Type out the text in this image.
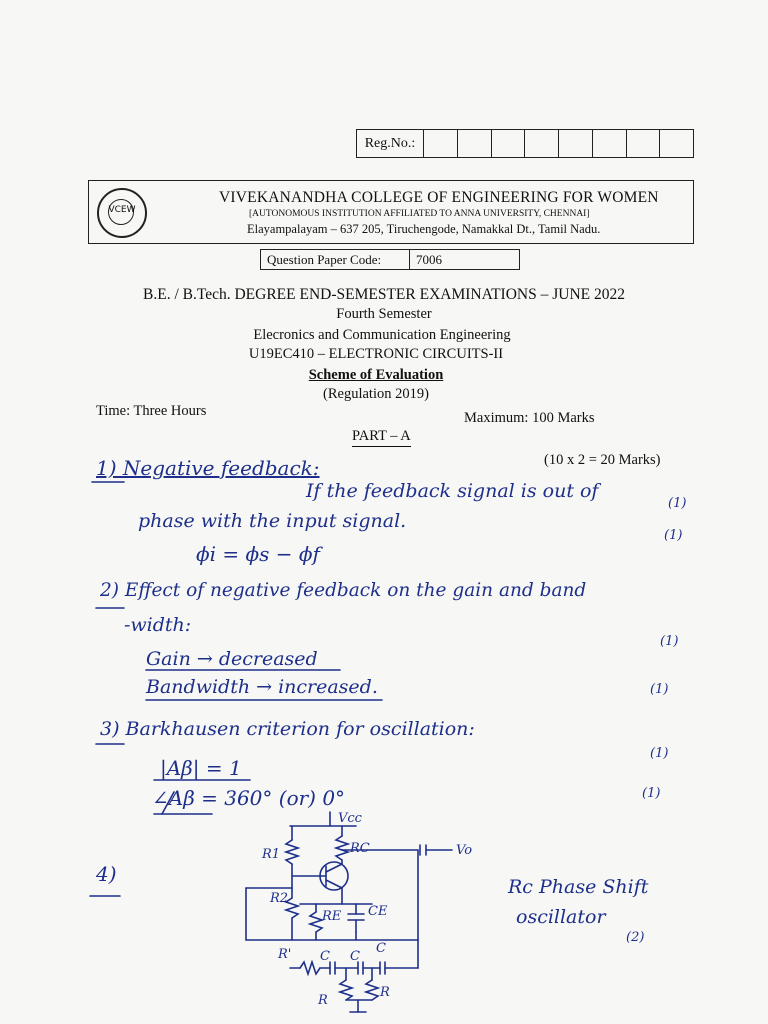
Reg.No.:
VCEW
VIVEKANANDHA COLLEGE OF ENGINEERING FOR WOMEN
[AUTONOMOUS INSTITUTION AFFILIATED TO ANNA UNIVERSITY, CHENNAI]
Elayampalayam – 637 205, Tiruchengode, Namakkal Dt., Tamil Nadu.
Question Paper Code:	7006
B.E. / B.Tech. DEGREE END-SEMESTER EXAMINATIONS – JUNE 2022
Fourth Semester
Elecronics and Communication Engineering
U19EC410 – ELECTRONIC CIRCUITS-II
Scheme of Evaluation
(Regulation 2019)
Time: Three Hours	Maximum: 100 Marks
PART – A
(10 x 2 = 20 Marks)
1) Negative feedback:
If the feedback signal is out of
phase with the input signal.
ϕi = ϕs − ϕf
(1)
(1)
2) Effect of negative feedback on the gain and band
-width:
Gain → decreased
Bandwidth → increased.
(1)
(1)
3) Barkhausen criterion for oscillation:
|Aβ| = 1
∠Aβ = 360° (or) 0°
(1)
(1)
4)
Rc Phase Shift
oscillator
(2)
Vcc
RC
R1
R2
RE CE
Vo
R' C C
C
R
R
